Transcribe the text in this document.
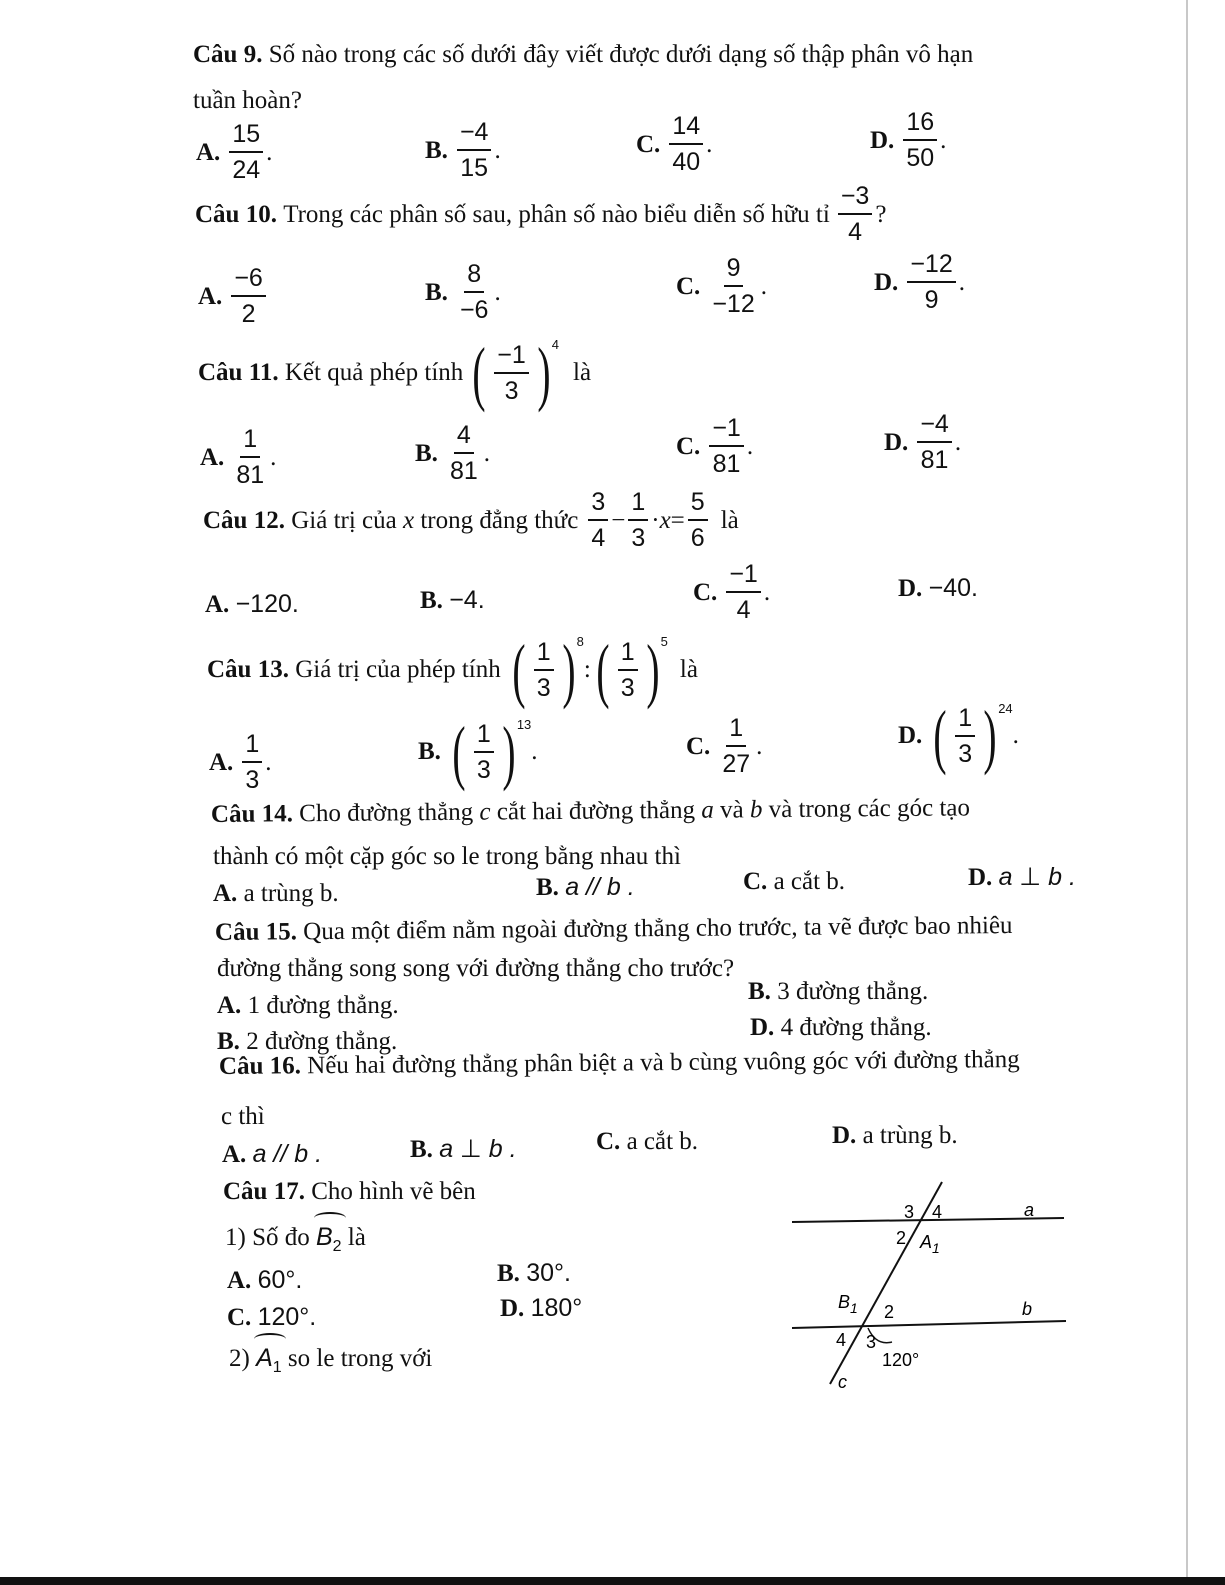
Câu 9. Số nào trong các số dưới đây viết được dưới dạng số thập phân vô hạn
tuần hoàn?
A. $\frac{15}{24}$ .	B. $\frac{-4}{15}$ .	C. $\frac{14}{40}$ .	D. $\frac{16}{50}$ .
Câu 10.
Trong các phân số sau, phân số nào biểu diễn số hữu tỉ $\frac{-3}{4}$ ?
A. $\frac{-6}{2}$	B. $\frac{8}{-6}$ .	C. $\frac{9}{-12}$ .	D. $\frac{-12}{9}$ .
Câu 11.
Kết quả phép tính ( $\frac{-1}{3}$ ) 4
là
A. $\frac{1}{81}$ .	B. $\frac{4}{81}$ .	C. $\frac{-1}{81}$ .	D. $\frac{-4}{81}$ .
Câu 12.
Giá trị của
x
trong đẳng thức $\frac{3}{4} - \frac{1}{3} \cdot x = \frac{5}{6}$ là
A. −120.	B. −4.	C. $\frac{-1}{4}$ .	D. −40.
Câu 13.
Giá trị của phép tính ( $\frac{1}{3}$ ) 8
: ( $\frac{1}{3}$ ) 5
là
A. $\frac{1}{3}$ .	B. ( $\frac{1}{3}$ ) 13
.	C. $\frac{1}{27}$ .	D. ( $\frac{1}{3}$ ) 24
.
Câu 14. Cho đường thẳng c cắt hai đường thẳng a và b và trong các góc tạo
thành có một cặp góc so le trong bằng nhau thì
A. a trùng b.	B. a // b .	C. a cắt b.	D. a ⊥ b .
Câu 15. Qua một điểm nằm ngoài đường thẳng cho trước, ta vẽ được bao nhiêu
đường thẳng song song với đường thẳng cho trước?
A. 1 đường thẳng.
B. 3 đường thẳng.
B. 2 đường thẳng.
D. 4 đường thẳng.
Câu 16. Nếu hai đường thẳng phân biệt a và b cùng vuông góc với đường thẳng
c thì
A. a // b .	B. a ⊥ b .	C. a cắt b.	D. a trùng b.
Câu 17. Cho hình vẽ bên
1) Số đo $B_2$ là
A. 60°.	B. 30°.
C. 120°.	D. 180°
2) $A_1$ so le trong với
a
b
c
3 4
2 $A_1$
$B_1$ 2
4 3
120°
